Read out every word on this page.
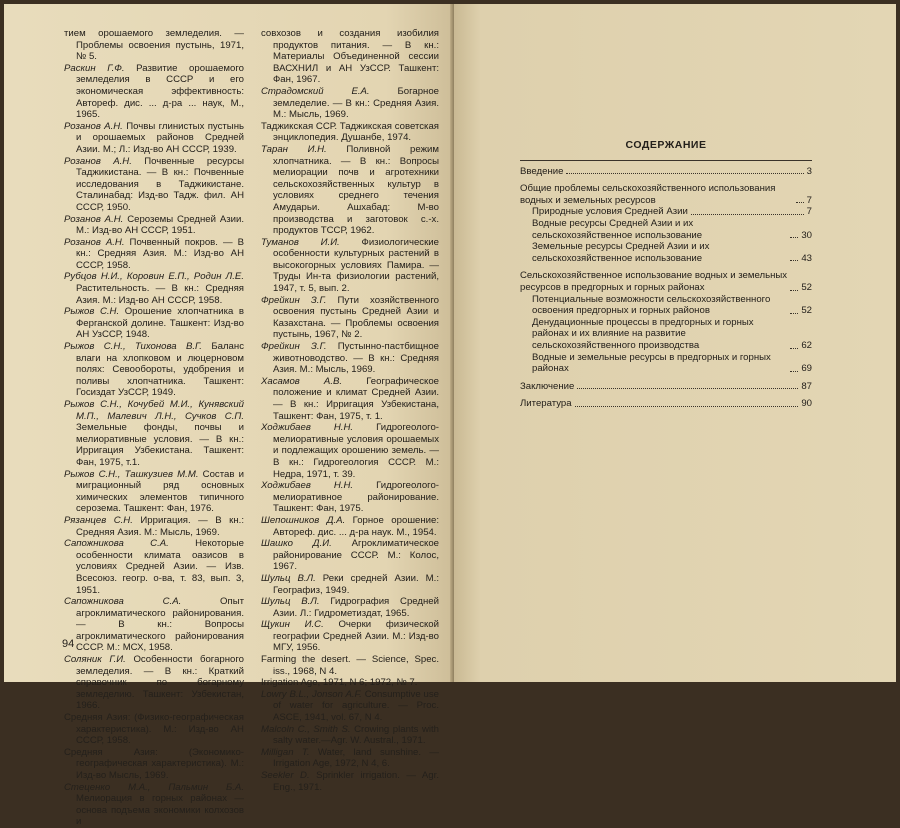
тием орошаемого земледелия. — Проблемы освоения пустынь, 1971, № 5.

Раскин Г.Ф. Развитие орошаемого земледелия в СССР и его экономическая эффективность: Автореф. дис. ... д-ра ... наук, М., 1965.

Розанов А.Н. Почвы глинистых пустынь и орошаемых районов Средней Азии. М.; Л.: Изд-во АН СССР, 1939.

Розанов А.Н. Почвенные ресурсы Таджикистана. — В кн.: Почвенные исследования в Таджикистане. Сталинабад: Изд-во Тадж. фил. АН СССР, 1950.

Розанов А.Н. Сероземы Средней Азии. М.: Изд-во АН СССР, 1951.

Розанов А.Н. Почвенный покров. — В кн.: Средняя Азия. М.: Изд-во АН СССР, 1958.

Рубцов Н.И., Коровин Е.П., Родин Л.Е. Растительность. — В кн.: Средняя Азия. М.: Изд-во АН СССР, 1958.

Рыжов С.Н. Орошение хлопчатника в Ферганской долине. Ташкент: Изд-во АН УзССР, 1948.

Рыжов С.Н., Тихонова В.Г. Баланс влаги на хлопковом и люцерновом полях: Севообороты, удобрения и поливы хлопчатника. Ташкент: Госиздат УзССР, 1949.

Рыжов С.Н., Кочубей М.И., Кунявский М.П., Малевич Л.Н., Сучков С.П. Земельные фонды, почвы и мелиоративные условия. — В кн.: Ирригация Узбекистана. Ташкент: Фан, 1975, т.1.

Рыжов С.Н., Ташкузиев М.М. Состав и миграционный ряд основных химических элементов типичного серозема. Ташкент: Фан, 1976.

Рязанцев С.Н. Ирригация. — В кн.: Средняя Азия. М.: Мысль, 1969.

Сапожникова С.А.	Некоторые особенности климата оазисов в условиях Средней Азии. — Изв. Всесоюз. геогр. о-ва, т. 83, вып. 3, 1951.

Сапожникова С.А.	Опыт агроклиматического районирования. — В кн.: Вопросы агроклиматического районирования СССР. М.: МСХ, 1958.

Соляник Г.И. Особенности богарного земледелия. — В кн.: Краткий справочник по богарному земледелию. Ташкент: Узбекистан, 1966.

Средняя Азия: (Физико-географическая характеристика). М.: Изд-во АН СССР, 1958.

Средняя Азия: (Экономико-географическая характеристика). М.: Изд-во Мысль, 1969.

Стеценко М.А., Пальмин Б.А. Мелиорация в горных районах — основа подъема экономики колхозов и

совхозов и создания изобилия продуктов питания. — В кн.: Материалы Объединенной сессии ВАСХНИЛ и АН УзССР. Ташкент: Фан, 1967.

Страдомский Е.А.	Богарное земледелие. — В кн.: Средняя Азия. М.: Мысль, 1969.

Таджикская ССР. Таджикская советская энциклопедия. Душанбе, 1974.

Таран И.Н. Поливной режим хлопчатника. — В кн.: Вопросы мелиорации почв и агротехники сельскохозяйственных культур в условиях среднего течения Амударьи. Ашхабад: М-во производства и заготовок с.-х. продуктов ТССР, 1962.

Туманов И.И. Физиологические особенности культурных растений в высокогорных условиях Памира. — Труды Ин-та физиологии растений, 1947, т. 5, вып. 2.

Фрейкин З.Г. Пути хозяйственного освоения пустынь Средней Азии и Казахстана. — Проблемы освоения пустынь, 1967, № 2.

Фрейкин З.Г. Пустынно-пастбищное животноводство. — В кн.: Средняя Азия. М.: Мысль, 1969.

Хасамов А.В.	Географическое положение и климат Средней Азии. — В кн.: Ирригация Узбекистана, Ташкент: Фан, 1975, т. 1.

Ходжибаев Н.Н. Гидрогеолого-мелиоративные условия орошаемых и подлежащих орошению земель. — В кн.: Гидрогеология СССР. М.: Недра, 1971, т. 39.

Ходжибаев Н.Н. Гидрогеолого-мелиоративное районирование. Ташкент: Фан, 1975.

Шепошников Д.А. Горное орошение: Автореф. дис. ... д-ра наук. М., 1954.

Шашко Д.И. Агроклиматическое районирование СССР. М.: Колос, 1967.

Шульц В.Л. Реки средней Азии. М.: Географиз, 1949.

Шульц В.Л. Гидрография Средней Азии. Л.: Гидрометиздат, 1965.

Щукин И.С. Очерки физической географии Средней Азии. М.: Изд-во МГУ, 1956.

Farming the desert. — Science, Spec. iss., 1968, N 4.

Irrigation Age, 1971, N 6; 1972, № 7.

Lowry B.L., Jonson A.F. Consumptive use of water for agriculture. — Proc. ASCE, 1941, vol. 67, N 4.

Malcoln C., Smith S. Crowing plants with salty water.—Agr. W. Austral., 1971.

Milligan T. Water, land sunshine. — Irrigation Age, 1972, N 4, 6.

Seekler D. Sprinkler irrigation. — Agr. Eng., 1971.

94
СОДЕРЖАНИЕ
Введение	3
Общие проблемы сельскохозяйственного использования водных и земельных ресурсов	7
Природные условия Средней Азии	7
Водные ресурсы Средней Азии и их сельскохозяйственное использование	30
Земельные ресурсы Средней Азии и их сельскохозяйственное использование	43
Сельскохозяйственное использование водных и земельных ресурсов в предгорных и горных районах	52
Потенциальные возможности сельскохозяйственного освоения предгорных и горных районов	52
Денудационные процессы в предгорных и горных районах и их влияние на развитие сельскохозяйственного производства	62
Водные и земельные ресурсы в предгорных и горных районах	69
Заключение	87
Литература	90
